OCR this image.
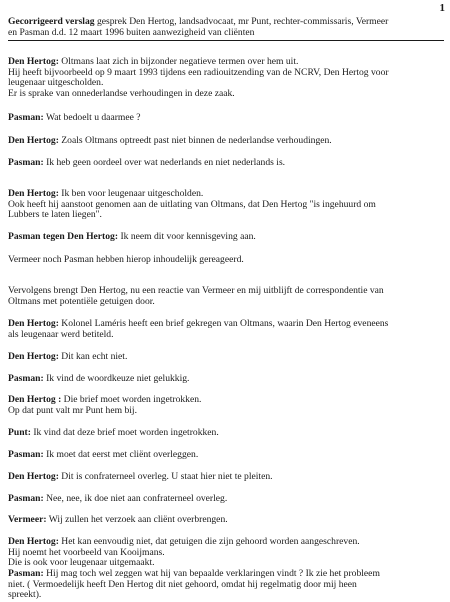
1
Gecorrigeerd verslag gesprek Den Hertog, landsadvocaat, mr Punt, rechter-commissaris, Vermeer
en Pasman d.d. 12 maart 1996 buiten aanwezigheid van cliënten
Den Hertog: Oltmans laat zich in bijzonder negatieve termen over hem uit.
Hij heeft bijvoorbeeld op 9 maart 1993 tijdens een radiouitzending van de NCRV, Den Hertog voor
leugenaar uitgescholden.
Er is sprake van onnederlandse verhoudingen in deze zaak.
Pasman: Wat bedoelt u daarmee ?
Den Hertog: Zoals Oltmans optreedt past niet binnen de nederlandse verhoudingen.
Pasman: Ik heb geen oordeel over wat nederlands en niet nederlands is.
Den Hertog: Ik ben voor leugenaar uitgescholden.
Ook heeft hij aanstoot genomen aan de uitlating van Oltmans, dat Den Hertog "is ingehuurd om
Lubbers te laten liegen".
Pasman tegen Den Hertog: Ik neem dit voor kennisgeving aan.
Vermeer noch Pasman hebben hierop inhoudelijk gereageerd.
Vervolgens brengt Den Hertog, nu een reactie van Vermeer en mij uitblijft de correspondentie van
Oltmans met potentiële getuigen door.
Den Hertog: Kolonel Laméris heeft een brief gekregen van Oltmans, waarin Den Hertog eveneens
als leugenaar werd betiteld.
Den Hertog: Dit kan echt niet.
Pasman: Ik vind de woordkeuze niet gelukkig.
Den Hertog : Die brief moet worden ingetrokken.
Op dat punt valt mr Punt hem bij.
Punt: Ik vind dat deze brief moet worden ingetrokken.
Pasman: Ik moet dat eerst met cliënt overleggen.
Den Hertog: Dit is confraterneel overleg. U staat hier niet te pleiten.
Pasman: Nee, nee, ik doe niet aan confraterneel overleg.
Vermeer: Wij zullen het verzoek aan cliënt overbrengen.
Den Hertog: Het kan eenvoudig niet, dat getuigen die zijn gehoord worden aangeschreven.
Hij noemt het voorbeeld van Kooijmans.
Die is ook voor leugenaar uitgemaakt.
Pasman: Hij mag toch wel zeggen wat hij van bepaalde verklaringen vindt ? Ik zie het probleem
niet. ( Vermoedelijk heeft Den Hertog dit niet gehoord, omdat hij regelmatig door mij heen
spreekt).
